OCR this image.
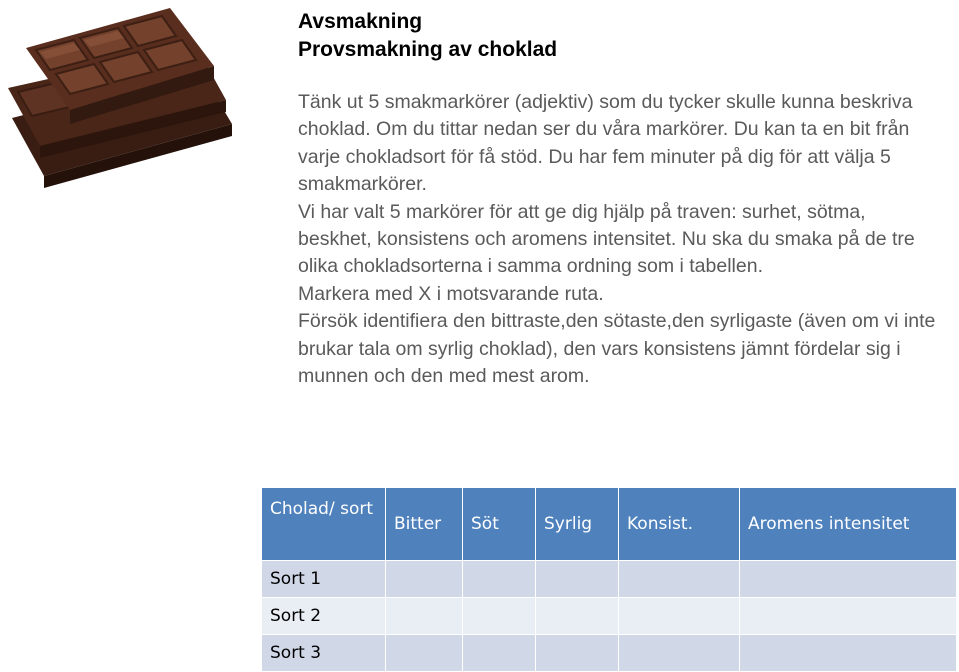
Avsmakning
Provsmakning av choklad

Tänk ut 5 smakmarkörer (adjektiv) som du tycker skulle kunna beskriva choklad. Om du tittar nedan ser du våra markörer. Du kan ta en bit från varje chokladsort för få stöd. Du har fem minuter på dig för att välja 5 smakmarkörer.

Vi har valt 5 markörer för att ge dig hjälp på traven: surhet, sötma, beskhet, konsistens och aromens intensitet. Nu ska du smaka på de tre olika chokladsorterna i samma ordning som i tabellen.

Markera med X i motsvarande ruta.

Försök identifiera den bittraste,den sötaste,den syrligaste (även om vi inte brukar tala om syrlig choklad), den vars konsistens jämnt fördelar sig i munnen och den med mest arom.

Cholad/ sort	Bitter	Söt	Syrlig	Konsist.	Aromens intensitet
Sort 1					
Sort 2					
Sort 3					
